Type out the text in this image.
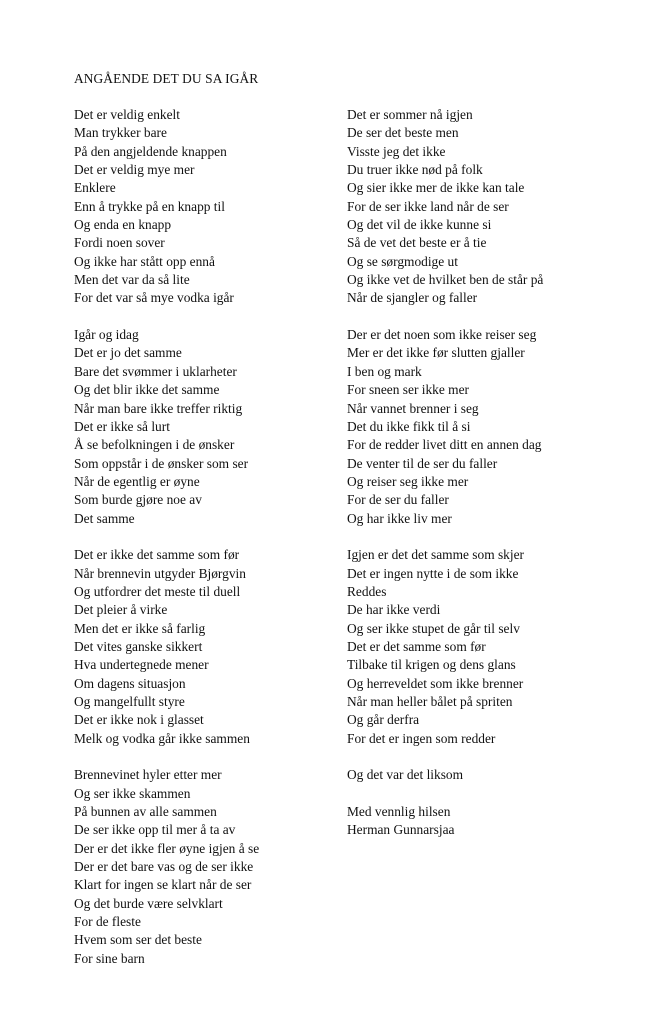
ANGÅENDE DET DU SA IGÅR
Det er veldig enkelt
Man trykker bare
På den angjeldende knappen
Det er veldig mye mer
Enklere
Enn å trykke på en knapp til
Og enda en knapp
Fordi noen sover
Og ikke har stått opp ennå
Men det var da så lite
For det var så mye vodka igår
Igår og idag
Det er jo det samme
Bare det svømmer i uklarheter
Og det blir ikke det samme
Når man bare ikke treffer riktig
Det er ikke så lurt
Å se befolkningen i de ønsker
Som oppstår i de ønsker som ser
Når de egentlig er øyne
Som burde gjøre noe av
Det samme
Det er ikke det samme som før
Når brennevin utgyder Bjørgvin
Og utfordrer det meste til duell
Det pleier å virke
Men det er ikke så farlig
Det vites ganske sikkert
Hva undertegnede mener
Om dagens situasjon
Og mangelfullt styre
Det er ikke nok i glasset
Melk og vodka går ikke sammen
Brennevinet hyler etter mer
Og ser ikke skammen
På bunnen av alle sammen
De ser ikke opp til mer å ta av
Der er det ikke fler øyne igjen å se
Der er det bare vas og de ser ikke
Klart for ingen se klart når de ser
Og det burde være selvklart
For de fleste
Hvem som ser det beste
For sine barn
Det er sommer nå igjen
De ser det beste men
Visste jeg det ikke
Du truer ikke nød på folk
Og sier ikke mer de ikke kan tale
For de ser ikke land når de ser
Og det vil de ikke kunne si
Så de vet det beste er å tie
Og se sørgmodige ut
Og ikke vet de hvilket ben de står på
Når de sjangler og faller
Der er det noen som ikke reiser seg
Mer er det ikke før slutten gjaller
I ben og mark
For sneen ser ikke mer
Når vannet brenner i seg
Det du ikke fikk til å si
For de redder livet ditt en annen dag
De venter til de ser du faller
Og reiser seg ikke mer
For de ser du faller
Og har ikke liv mer
Igjen er det det samme som skjer
Det er ingen nytte i de som ikke
Reddes
De har ikke verdi
Og ser ikke stupet de går til selv
Det er det samme som før
Tilbake til krigen og dens glans
Og herreveldet som ikke brenner
Når man heller bålet på spriten
Og går derfra
For det er ingen som redder
Og det var det liksom
Med vennlig hilsen
Herman Gunnarsjaa
